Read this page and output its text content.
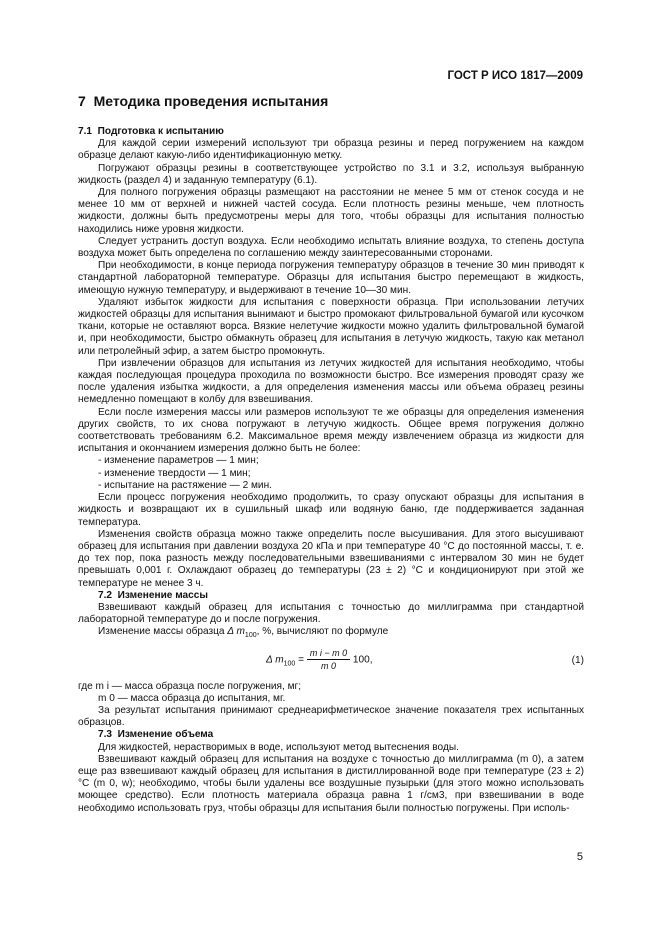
ГОСТ Р ИСО 1817—2009
7 Методика проведения испытания

7.1 Подготовка к испытанию

Для каждой серии измерений используют три образца резины и перед погружением на каждом образце делают какую-либо идентификационную метку.

Погружают образцы резины в соответствующее устройство по 3.1 и 3.2, используя выбранную жидкость (раздел 4) и заданную температуру (6.1).

Для полного погружения образцы размещают на расстоянии не менее 5 мм от стенок сосуда и не менее 10 мм от верхней и нижней частей сосуда. Если плотность резины меньше, чем плотность жидкости, должны быть предусмотрены меры для того, чтобы образцы для испытания полностью находились ниже уровня жидкости.

Следует устранить доступ воздуха. Если необходимо испытать влияние воздуха, то степень доступа воздуха может быть определена по соглашению между заинтересованными сторонами.

При необходимости, в конце периода погружения температуру образцов в течение 30 мин приводят к стандартной лабораторной температуре. Образцы для испытания быстро перемещают в жидкость, имеющую нужную температуру, и выдерживают в течение 10—30 мин.

Удаляют избыток жидкости для испытания с поверхности образца. При использовании летучих жидкостей образцы для испытания вынимают и быстро промокают фильтровальной бумагой или кусочком ткани, которые не оставляют ворса. Вязкие нелетучие жидкости можно удалить фильтровальной бумагой и, при необходимости, быстро обмакнуть образец для испытания в летучую жидкость, такую как метанол или петролейный эфир, а затем быстро промокнуть.

При извлечении образцов для испытания из летучих жидкостей для испытания необходимо, чтобы каждая последующая процедура проходила по возможности быстро. Все измерения проводят сразу же после удаления избытка жидкости, а для определения изменения массы или объема образец резины немедленно помещают в колбу для взвешивания.

Если после измерения массы или размеров используют те же образцы для определения изменения других свойств, то их снова погружают в летучую жидкость. Общее время погружения должно соответствовать требованиям 6.2. Максимальное время между извлечением образца из жидкости для испытания и окончанием измерения должно быть не более:

- изменение параметров — 1 мин;

- изменение твердости — 1 мин;

- испытание на растяжение — 2 мин.

Если процесс погружения необходимо продолжить, то сразу опускают образцы для испытания в жидкость и возвращают их в сушильный шкаф или водяную баню, где поддерживается заданная температура.

Изменения свойств образца можно также определить после высушивания. Для этого высушивают образец для испытания при давлении воздуха 20 кПа и при температуре 40 °С до постоянной массы, т. е. до тех пор, пока разность между последовательными взвешиваниями с интервалом 30 мин не будет превышать 0,001 г. Охлаждают образец до температуры (23 ± 2) °С и кондиционируют при этой же температуре не менее 3 ч.

7.2 Изменение массы

Взвешивают каждый образец для испытания с точностью до миллиграмма при стандартной лабораторной температуре до и после погружения.

Изменение массы образца Δ $m_{100}$, %, вычисляют по формуле

Δ $m_{100} = \frac{\text{m i − m 0}}{m 0} 100$,	(1)

где m i — масса образца после погружения, мг;

m 0 — масса образца до испытания, мг.

За результат испытания принимают среднеарифметическое значение показателя трех испытанных образцов.

7.3 Изменение объема

Для жидкостей, нерастворимых в воде, используют метод вытеснения воды.

Взвешивают каждый образец для испытания на воздухе с точностью до миллиграмма (m 0), а затем еще раз взвешивают каждый образец для испытания в дистиллированной воде при температуре (23 ± 2) °С (m 0, w); необходимо, чтобы были удалены все воздушные пузырьки (для этого можно использовать моющее средство). Если плотность материала образца равна 1 г/см3, при взвешивании в воде необходимо использовать груз, чтобы образцы для испытания были полностью погружены. При исполь-

5
